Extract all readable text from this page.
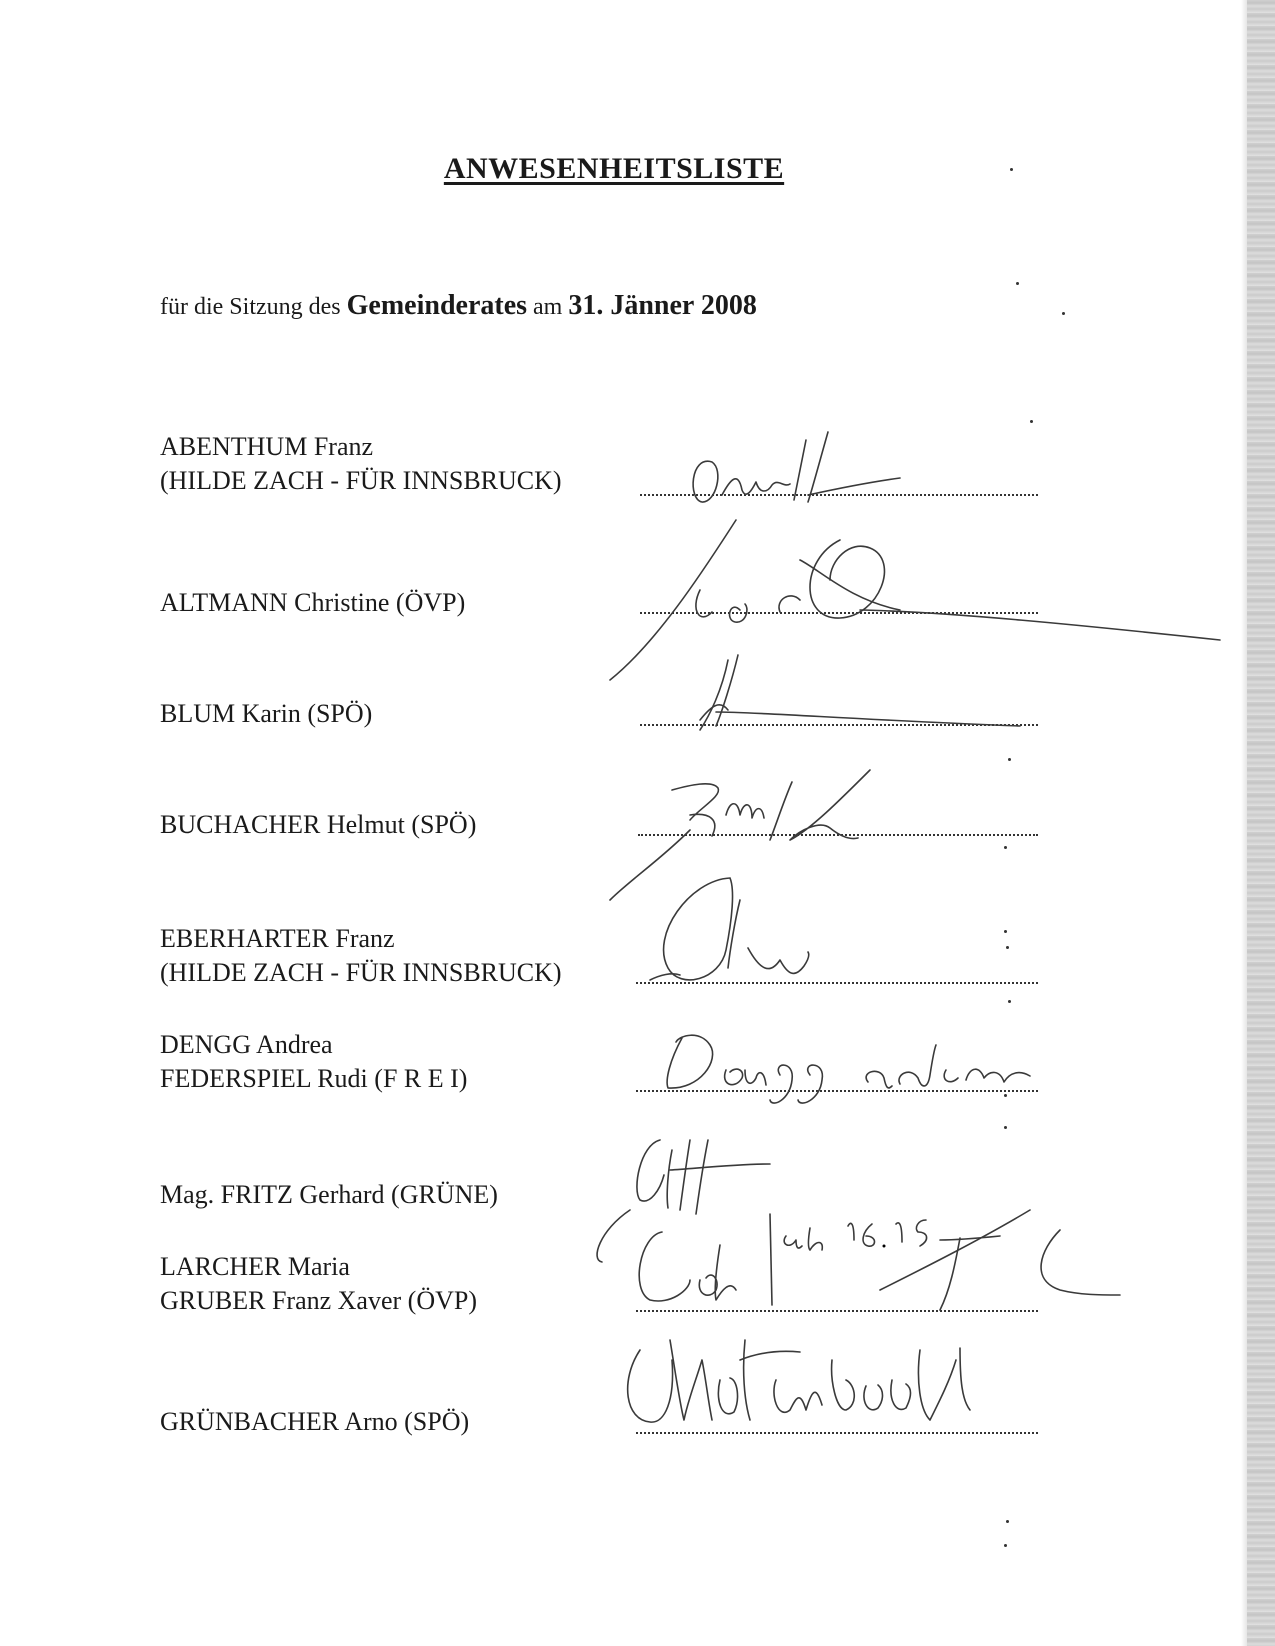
ANWESENHEITSLISTE
für die Sitzung des Gemeinderates am 31. Jänner 2008
ABENTHUM Franz
(HILDE ZACH - FÜR INNSBRUCK)
ALTMANN Christine (ÖVP)
BLUM Karin (SPÖ)
BUCHACHER Helmut (SPÖ)
EBERHARTER Franz
(HILDE ZACH - FÜR INNSBRUCK)
DENGG Andrea
FEDERSPIEL Rudi (F R E I)
Mag. FRITZ Gerhard (GRÜNE)
LARCHER Maria
GRUBER Franz Xaver (ÖVP)
GRÜNBACHER Arno (SPÖ)
